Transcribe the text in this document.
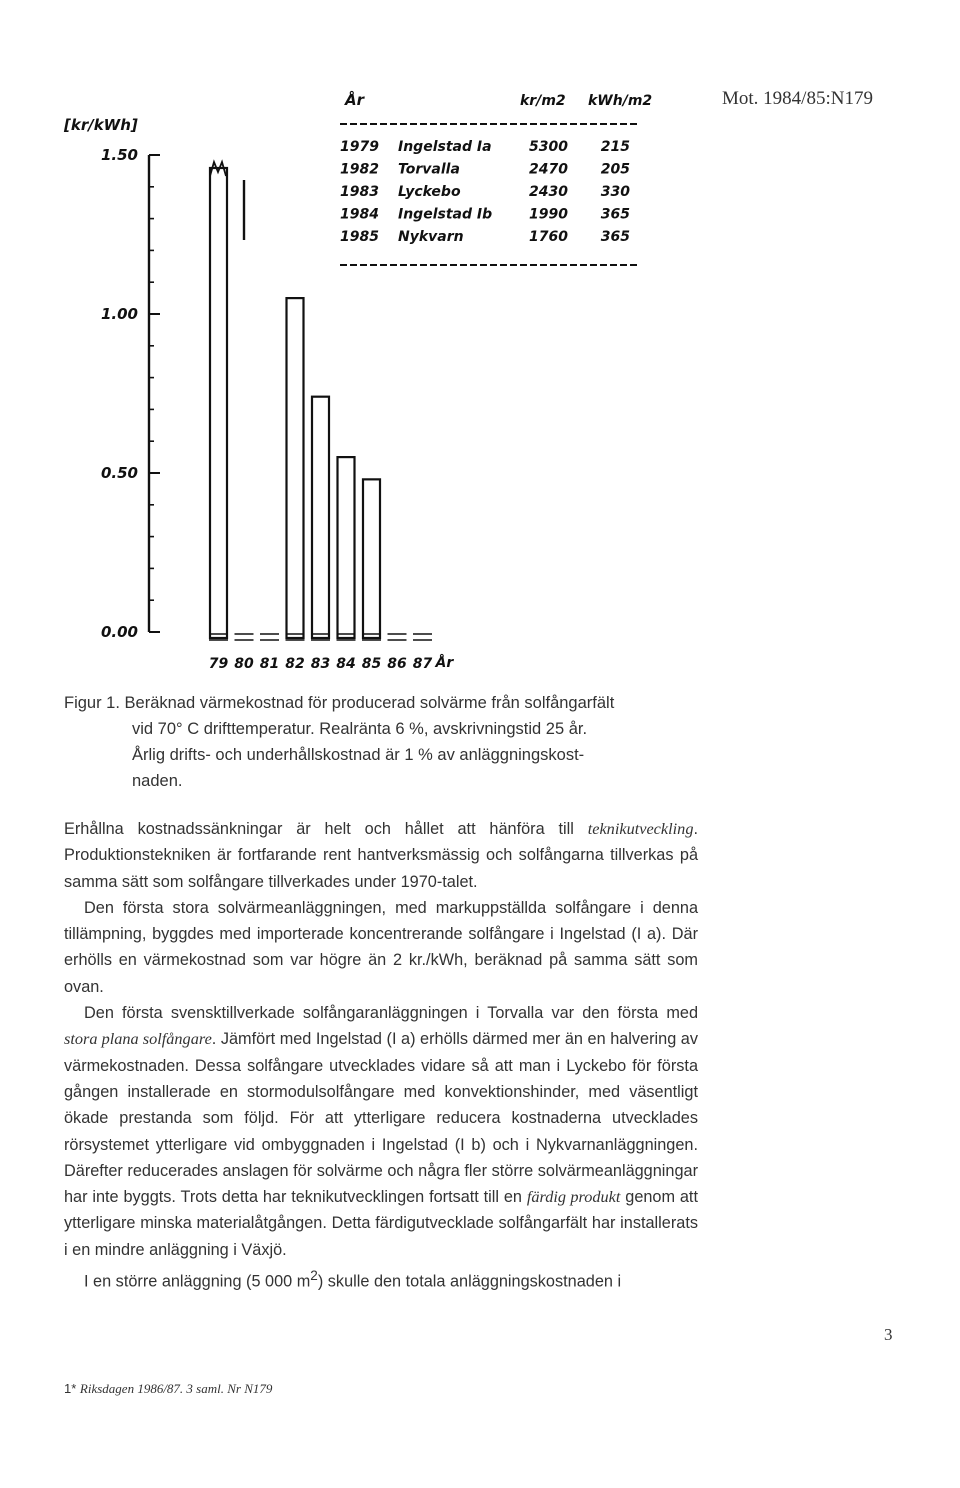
Mot. 1984/85:N179
[kr/kWh]
1.50
1.00
0.50
0.00
79 80 81 82 83 84 85 86 87 År
År	kr/m2 kWh/m2
1979 Ingelstad Ia	5300 215
1982 Torvalla	2470 205
1983 Lyckebo	2430 330
1984 Ingelstad Ib	1990 365
1985 Nykvarn	1760 365
Figur 1. Beräknad värmekostnad för producerad solvärme från solfångarfält
vid 70° C drifttemperatur. Realränta 6 %, avskrivningstid 25 år.
Årlig drifts- och underhållskostnad är 1 % av anläggningskost-
naden.

Erhållna kostnadssänkningar är helt och hållet att hänföra till teknikutveckling. Produktionstekniken är fortfarande rent hantverksmässig och solfångarna tillverkas på samma sätt som solfångare tillverkades under 1970-talet.

Den första stora solvärmeanläggningen, med markuppställda solfångare i denna tillämpning, byggdes med importerade koncentrerande solfångare i Ingelstad (I a). Där erhölls en värmekostnad som var högre än 2 kr./kWh, beräknad på samma sätt som ovan.

Den första svensktillverkade solfångaranläggningen i Torvalla var den första med stora plana solfångare. Jämfört med Ingelstad (I a) erhölls därmed mer än en halvering av värmekostnaden. Dessa solfångare utvecklades vidare så att man i Lyckebo för första gången installerade en stormodulsolfångare med konvektionshinder, med väsentligt ökade prestanda som följd. För att ytterligare reducera kostnaderna utvecklades rörsystemet ytterligare vid ombyggnaden i Ingelstad (I b) och i Nykvarnanläggningen. Därefter reducerades anslagen för solvärme och några fler större solvärmeanläggningar har inte byggts. Trots detta har teknikutvecklingen fortsatt till en färdig produkt genom att ytterligare minska materialåtgången. Detta färdigutvecklade solfångarfält har installerats i en mindre anläggning i Växjö.

I en större anläggning (5 000 $m^2$) skulle den totala anläggningskostnaden i

3
1* Riksdagen 1986/87. 3 saml. Nr N179
